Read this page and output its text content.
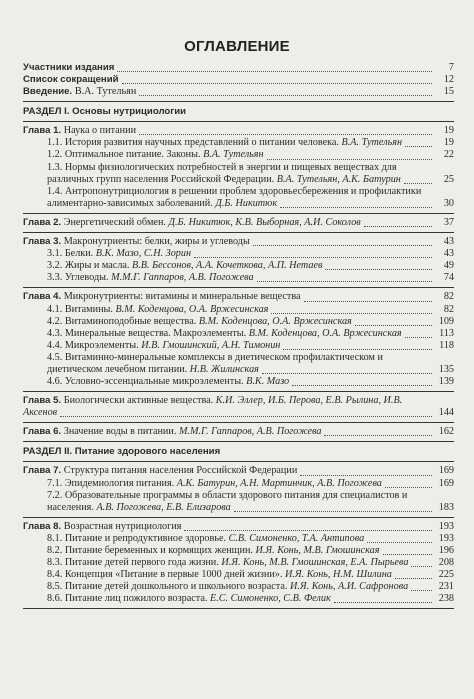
ОГЛАВЛЕНИЕ
Участники издания	7
Список сокращений	12
Введение. В.А. Тутельян	15
РАЗДЕЛ I. Основы нутрициологии
Глава 1. Наука о питании	19
1.1. История развития научных представлений о питании человека. В.А. Тутельян	19
1.2. Оптимальное питание. Законы. В.А. Тутельян	22
1.3. Нормы физиологических потребностей в энергии и пищевых веществах для различных групп населения Российской Федерации. В.А. Тутельян, А.К. Батурин	25
1.4. Антропонутрициология в решении проблем здоровьесбережения и профилактики алиментарно-зависимых заболеваний. Д.Б. Никитюк	30
Глава 2. Энергетический обмен. Д.Б. Никитюк, К.В. Выборная, А.И. Соколов	37
Глава 3. Макронутриенты: белки, жиры и углеводы	43
3.1. Белки. В.К. Мазо, С.Н. Зорин	43
3.2. Жиры и масла. В.В. Бессонов, А.А. Кочеткова, А.П. Нетаев	49
3.3. Углеводы. М.М.Г. Гаппаров, А.В. Погожева	74
Глава 4. Микронутриенты: витамины и минеральные вещества	82
4.1. Витамины. В.М. Коденцова, О.А. Вржесинская	82
4.2. Витаминоподобные вещества. В.М. Коденцова, О.А. Вржесинская	109
4.3. Минеральные вещества. Макроэлементы. В.М. Коденцова, О.А. Вржесинская	113
4.4. Микроэлементы. И.В. Гмошинский, А.Н. Тимонин	118
4.5. Витаминно-минеральные комплексы в диетическом профилактическом и диетическом лечебном питании. Н.В. Жилинская	135
4.6. Условно-эссенциальные микроэлементы. В.К. Мазо	139
Глава 5. Биологически активные вещества. К.И. Эллер, И.Б. Перова, Е.В. Рылина, И.В. Аксенов	144
Глава 6. Значение воды в питании. М.М.Г. Гаппаров, А.В. Погожева	162
РАЗДЕЛ II. Питание здорового населения
Глава 7. Структура питания населения Российской Федерации	169
7.1. Эпидемиология питания. А.К. Батурин, А.Н. Мартинчик, А.В. Погожева	169
7.2. Образовательные программы в области здорового питания для специалистов и населения. А.В. Погожева, Е.В. Елизарова	183
Глава 8. Возрастная нутрициология	193
8.1. Питание и репродуктивное здоровье. С.В. Симоненко, Т.А. Антипова	193
8.2. Питание беременных и кормящих женщин. И.Я. Конь, М.В. Гмошинская	196
8.3. Питание детей первого года жизни. И.Я. Конь, М.В. Гмошинская, Е.А. Пырьева	208
8.4. Концепция «Питание в первые 1000 дней жизни». И.Я. Конь, Н.М. Шилина	225
8.5. Питание детей дошкольного и школьного возраста. И.Я. Конь, А.И. Сафронова	231
8.6. Питание лиц пожилого возраста. Е.С. Симоненко, С.В. Фелик	238
